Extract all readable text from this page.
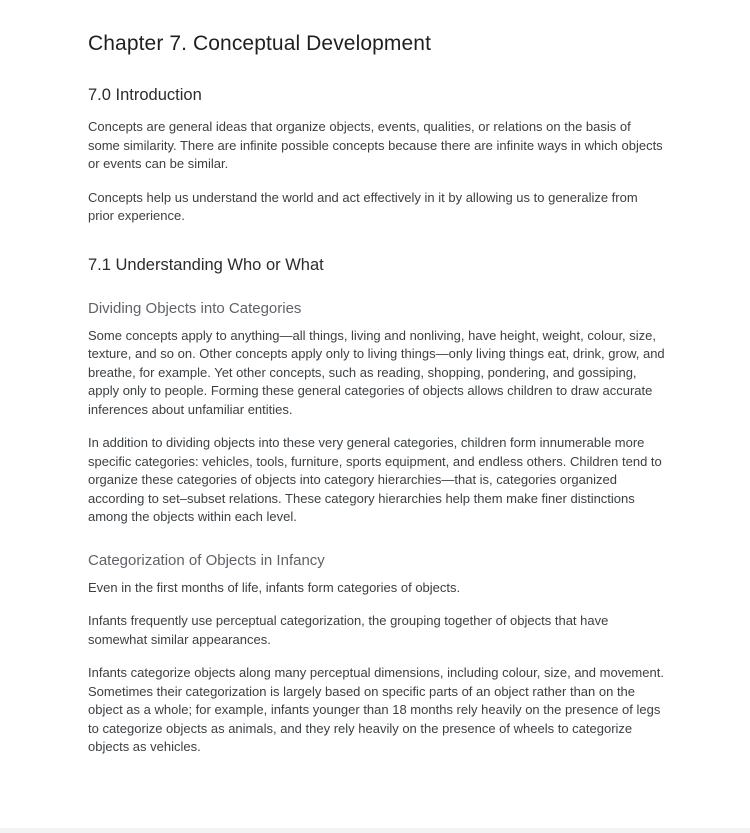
Chapter 7. Conceptual Development
7.0 Introduction

Concepts are general ideas that organize objects, events, qualities, or relations on the basis of some similarity. There are infinite possible concepts because there are infinite ways in which objects or events can be similar.

Concepts help us understand the world and act effectively in it by allowing us to generalize from prior experience.

7.1 Understanding Who or What
Dividing Objects into Categories

Some concepts apply to anything—all things, living and nonliving, have height, weight, colour, size, texture, and so on. Other concepts apply only to living things—only living things eat, drink, grow, and breathe, for example. Yet other concepts, such as reading, shopping, pondering, and gossiping, apply only to people. Forming these general categories of objects allows children to draw accurate inferences about unfamiliar entities.

In addition to dividing objects into these very general categories, children form innumerable more specific categories: vehicles, tools, furniture, sports equipment, and endless others. Children tend to organize these categories of objects into category hierarchies—that is, categories organized according to set–subset relations. These category hierarchies help them make finer distinctions among the objects within each level.

Categorization of Objects in Infancy

Even in the first months of life, infants form categories of objects.

Infants frequently use perceptual categorization, the grouping together of objects that have somewhat similar appearances.

Infants categorize objects along many perceptual dimensions, including colour, size, and movement. Sometimes their categorization is largely based on specific parts of an object rather than on the object as a whole; for example, infants younger than 18 months rely heavily on the presence of legs to categorize objects as animals, and they rely heavily on the presence of wheels to categorize objects as vehicles.
